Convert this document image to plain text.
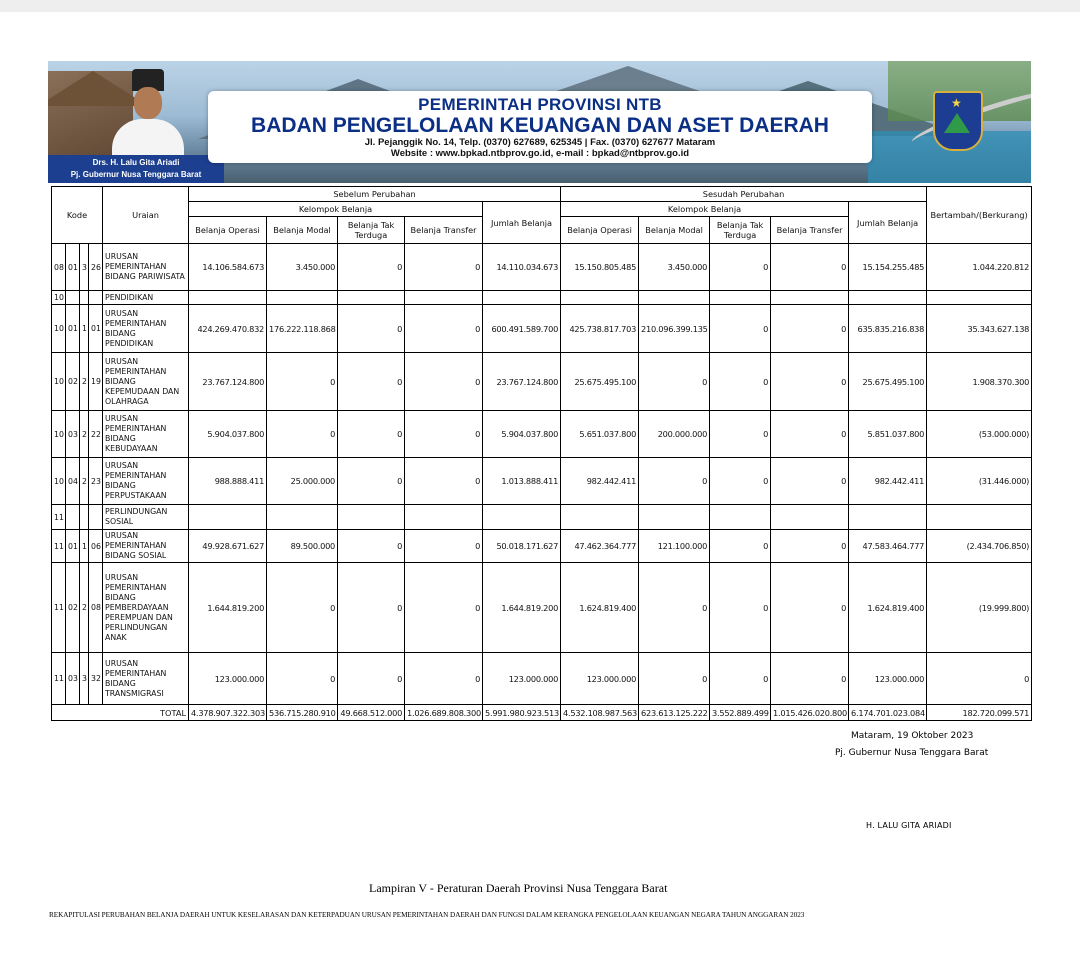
Drs. H. Lalu Gita Ariadi
Pj. Gubernur Nusa Tenggara Barat
PEMERINTAH PROVINSI NTB
BADAN PENGELOLAAN KEUANGAN DAN ASET DAERAH
Jl. Pejanggik No. 14, Telp. (0370) 627689, 625345 | Fax. (0370) 627677 Mataram
Website : www.bpkad.ntbprov.go.id, e-mail : bpkad@ntbprov.go.id
★
Kode				Uraian	Sebelum Perubahan					Sesudah Perubahan					Bertambah/(Berkurang)
					Kelompok Belanja				Jumlah Belanja	Kelompok Belanja				Jumlah Belanja	
					Belanja Operasi	Belanja Modal	Belanja Tak Terduga	Belanja Transfer		Belanja Operasi	Belanja Modal	Belanja Tak Terduga	Belanja Transfer		
08	01	3	26	URUSAN PEMERINTAHAN BIDANG PARIWISATA	14.106.584.673	3.450.000	0	0	14.110.034.673	15.150.805.485	3.450.000	0	0	15.154.255.485	1.044.220.812
10				PENDIDIKAN											
10	01	1	01	URUSAN PEMERINTAHAN BIDANG PENDIDIKAN	424.269.470.832	176.222.118.868	0	0	600.491.589.700	425.738.817.703	210.096.399.135	0	0	635.835.216.838	35.343.627.138
10	02	2	19	URUSAN PEMERINTAHAN BIDANG KEPEMUDAAN DAN OLAHRAGA	23.767.124.800	0	0	0	23.767.124.800	25.675.495.100	0	0	0	25.675.495.100	1.908.370.300
10	03	2	22	URUSAN PEMERINTAHAN BIDANG KEBUDAYAAN	5.904.037.800	0	0	0	5.904.037.800	5.651.037.800	200.000.000	0	0	5.851.037.800	(53.000.000)
10	04	2	23	URUSAN PEMERINTAHAN BIDANG PERPUSTAKAAN	988.888.411	25.000.000	0	0	1.013.888.411	982.442.411	0	0	0	982.442.411	(31.446.000)
11				PERLINDUNGAN SOSIAL											
11	01	1	06	URUSAN PEMERINTAHAN BIDANG SOSIAL	49.928.671.627	89.500.000	0	0	50.018.171.627	47.462.364.777	121.100.000	0	0	47.583.464.777	(2.434.706.850)
11	02	2	08	URUSAN PEMERINTAHAN BIDANG PEMBERDAYAAN PEREMPUAN DAN PERLINDUNGAN ANAK	1.644.819.200	0	0	0	1.644.819.200	1.624.819.400	0	0	0	1.624.819.400	(19.999.800)
11	03	3	32	URUSAN PEMERINTAHAN BIDANG TRANSMIGRASI	123.000.000	0	0	0	123.000.000	123.000.000	0	0	0	123.000.000	0
TOTAL					4.378.907.322.303	536.715.280.910	49.668.512.000	1.026.689.808.300	5.991.980.923.513	4.532.108.987.563	623.613.125.222	3.552.889.499	1.015.426.020.800	6.174.701.023.084	182.720.099.571
Mataram, 19 Oktober 2023
Pj. Gubernur Nusa Tenggara Barat
H. LALU GITA ARIADI
Lampiran V - Peraturan Daerah Provinsi Nusa Tenggara Barat
REKAPITULASI PERUBAHAN BELANJA DAERAH UNTUK KESELARASAN DAN KETERPADUAN URUSAN PEMERINTAHAN DAERAH DAN FUNGSI DALAM KERANGKA PENGELOLAAN KEUANGAN NEGARA TAHUN ANGGARAN 2023
